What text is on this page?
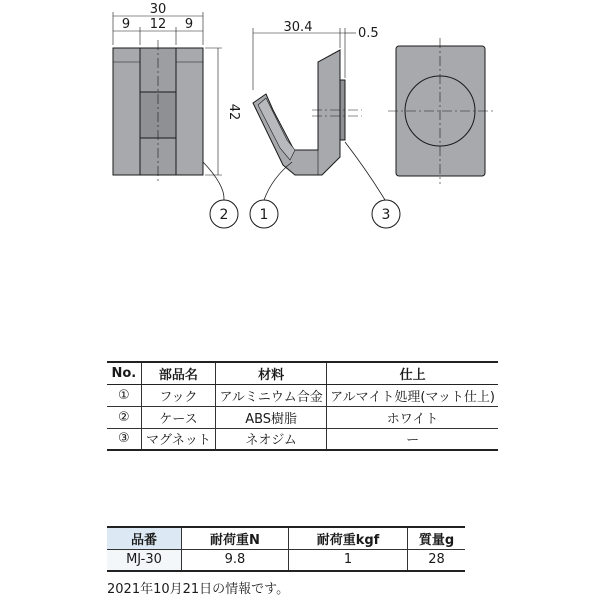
30
9 12 9
42
30.4	0.5
2 1	3
No.	部品名	材料	仕上
①	フック	アルミニウム合金	アルマイト処理(マット仕上)
②	ケース	ABS樹脂	ホワイト
③	マグネット	ネオジム	ー
品番	耐荷重N	耐荷重kgf	質量g
MJ-30	9.8	1	28
2021年10月21日の情報です。
